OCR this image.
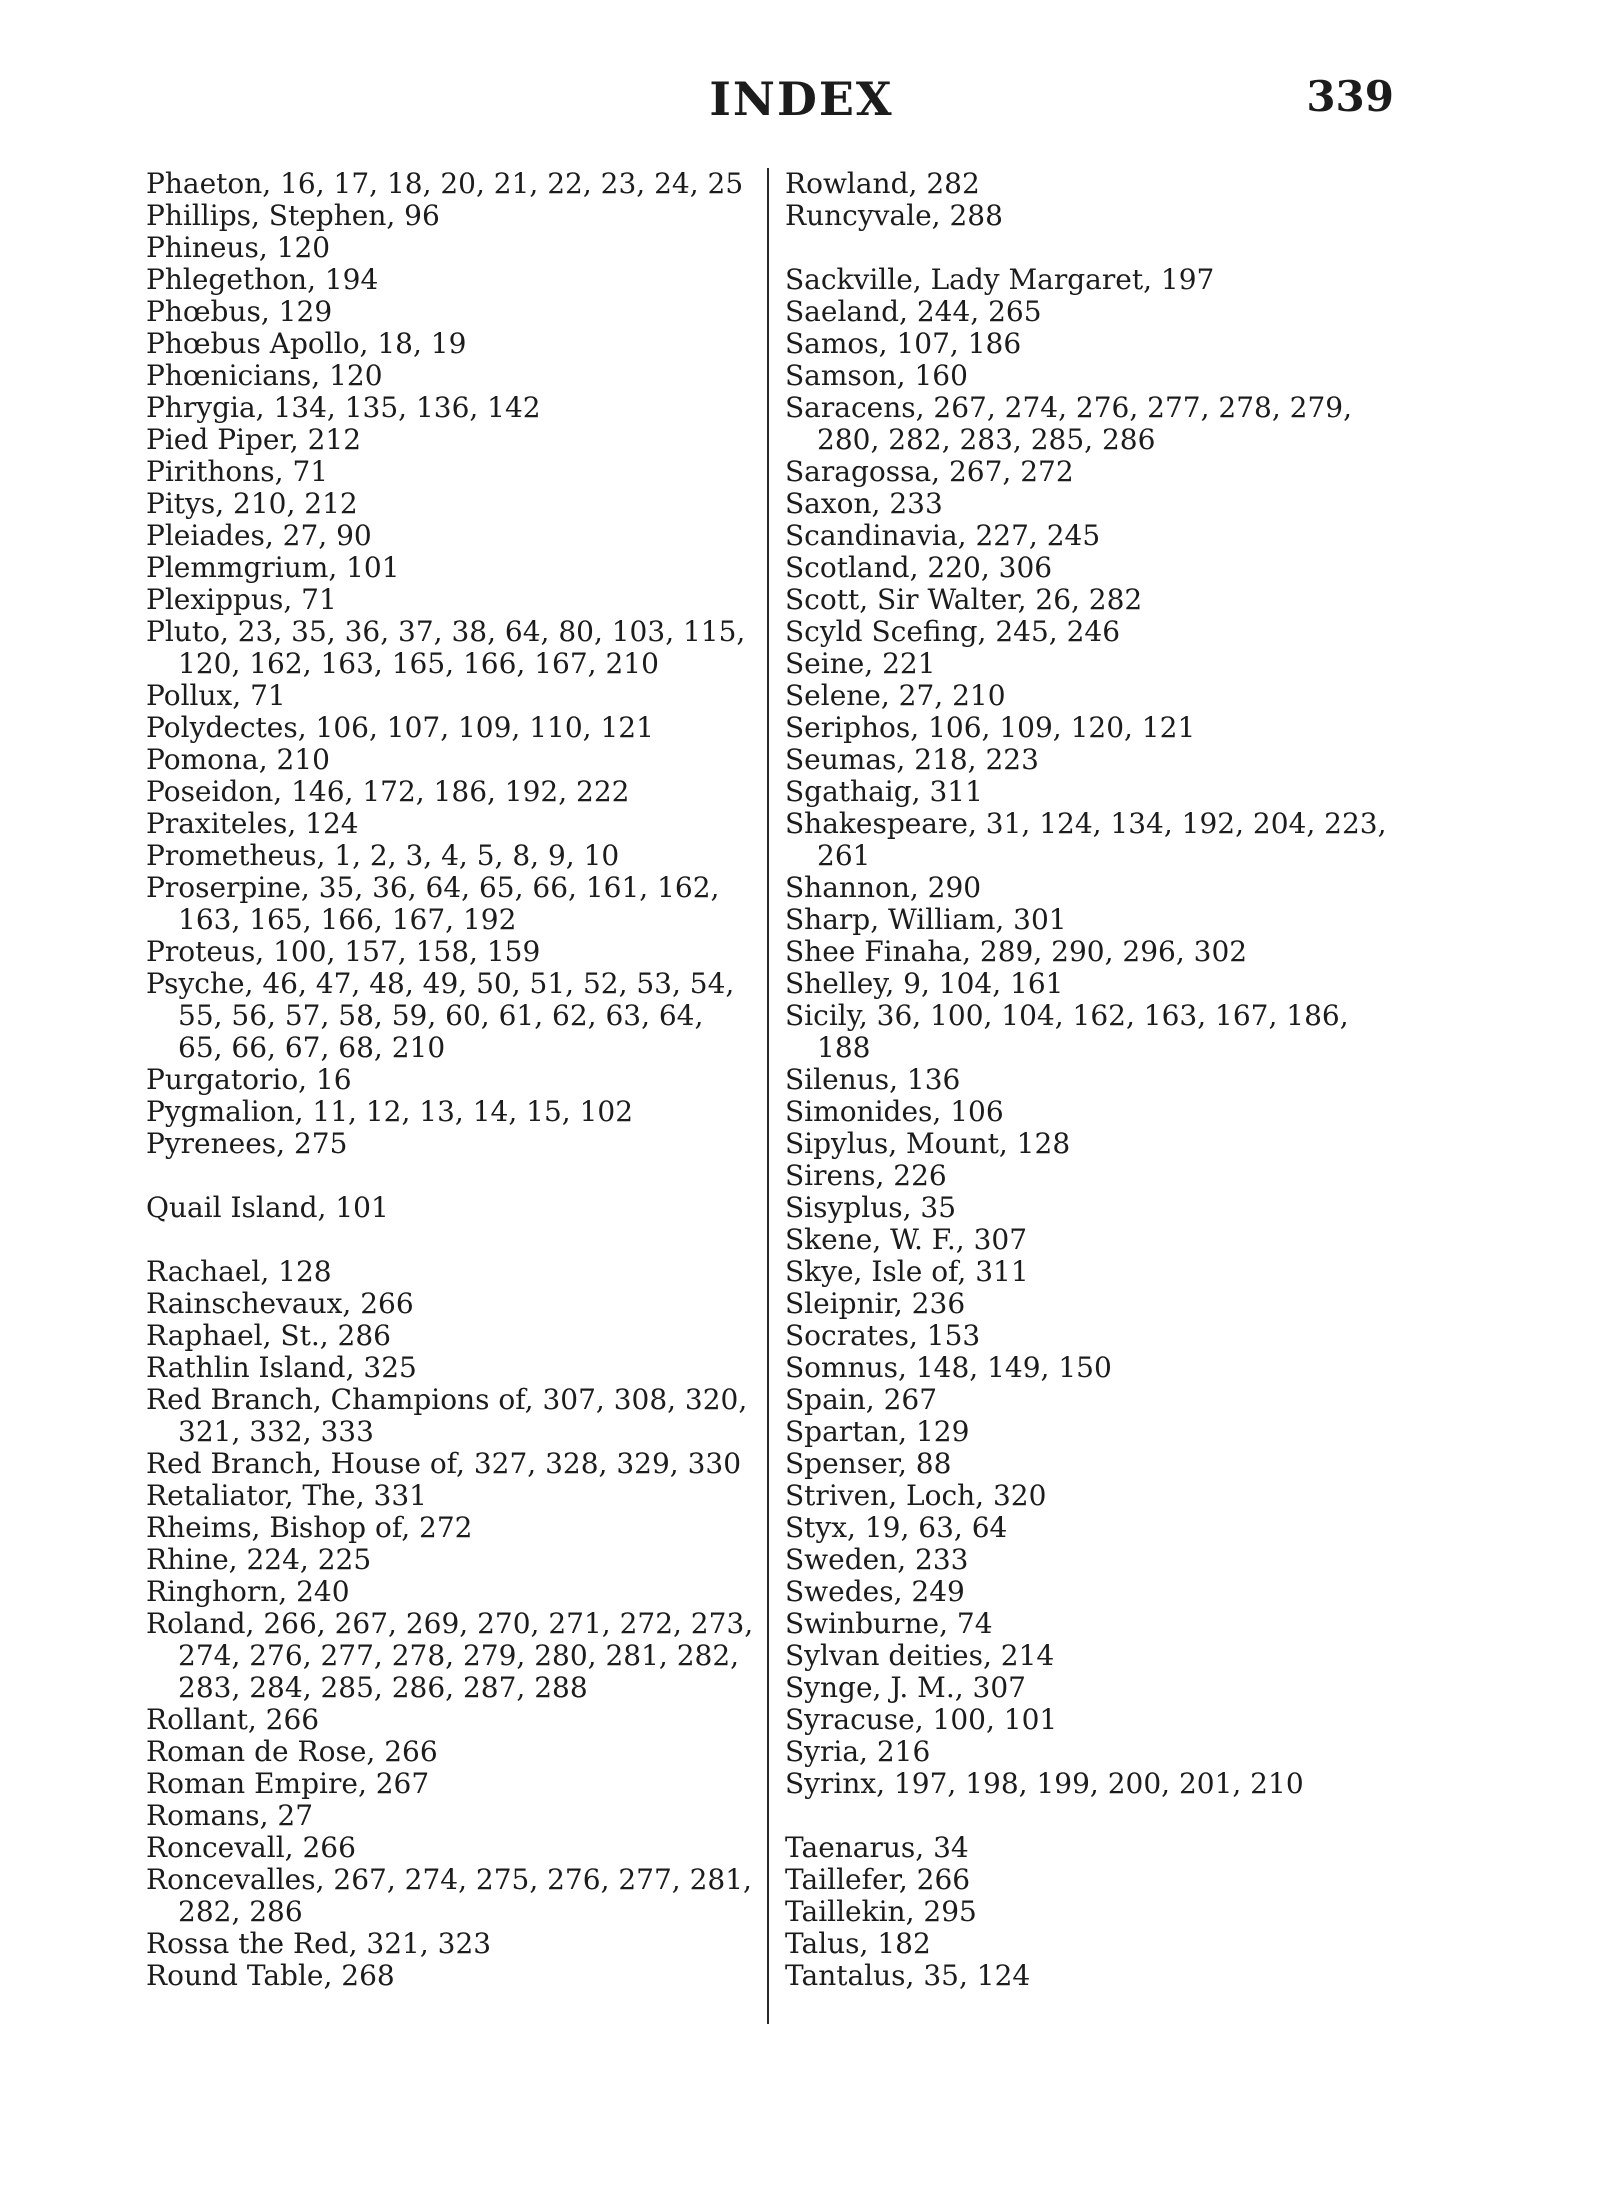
INDEX	339
Phaeton, 16, 17, 18, 20, 21, 22, 23, 24, 25
Phillips, Stephen, 96
Phineus, 120
Phlegethon, 194
Phœbus, 129
Phœbus Apollo, 18, 19
Phœnicians, 120
Phrygia, 134, 135, 136, 142
Pied Piper, 212
Pirithons, 71
Pitys, 210, 212
Pleiades, 27, 90
Plemmgrium, 101
Plexippus, 71
Pluto, 23, 35, 36, 37, 38, 64, 80, 103, 115, 120, 162, 163, 165, 166, 167, 210
Pollux, 71
Polydectes, 106, 107, 109, 110, 121
Pomona, 210
Poseidon, 146, 172, 186, 192, 222
Praxiteles, 124
Prometheus, 1, 2, 3, 4, 5, 8, 9, 10
Proserpine, 35, 36, 64, 65, 66, 161, 162, 163, 165, 166, 167, 192
Proteus, 100, 157, 158, 159
Psyche, 46, 47, 48, 49, 50, 51, 52, 53, 54, 55, 56, 57, 58, 59, 60, 61, 62, 63, 64, 65, 66, 67, 68, 210
Purgatorio, 16
Pygmalion, 11, 12, 13, 14, 15, 102
Pyrenees, 275
Quail Island, 101
Rachael, 128
Rainschevaux, 266
Raphael, St., 286
Rathlin Island, 325
Red Branch, Champions of, 307, 308, 320, 321, 332, 333
Red Branch, House of, 327, 328, 329, 330
Retaliator, The, 331
Rheims, Bishop of, 272
Rhine, 224, 225
Ringhorn, 240
Roland, 266, 267, 269, 270, 271, 272, 273, 274, 276, 277, 278, 279, 280, 281, 282, 283, 284, 285, 286, 287, 288
Rollant, 266
Roman de Rose, 266
Roman Empire, 267
Romans, 27
Roncevall, 266
Roncevalles, 267, 274, 275, 276, 277, 281, 282, 286
Rossa the Red, 321, 323
Round Table, 268
Rowland, 282
Runcyvale, 288
Sackville, Lady Margaret, 197
Saeland, 244, 265
Samos, 107, 186
Samson, 160
Saracens, 267, 274, 276, 277, 278, 279, 280, 282, 283, 285, 286
Saragossa, 267, 272
Saxon, 233
Scandinavia, 227, 245
Scotland, 220, 306
Scott, Sir Walter, 26, 282
Scyld Scefing, 245, 246
Seine, 221
Selene, 27, 210
Seriphos, 106, 109, 120, 121
Seumas, 218, 223
Sgathaig, 311
Shakespeare, 31, 124, 134, 192, 204, 223, 261
Shannon, 290
Sharp, William, 301
Shee Finaha, 289, 290, 296, 302
Shelley, 9, 104, 161
Sicily, 36, 100, 104, 162, 163, 167, 186, 188
Silenus, 136
Simonides, 106
Sipylus, Mount, 128
Sirens, 226
Sisyplus, 35
Skene, W. F., 307
Skye, Isle of, 311
Sleipnir, 236
Socrates, 153
Somnus, 148, 149, 150
Spain, 267
Spartan, 129
Spenser, 88
Striven, Loch, 320
Styx, 19, 63, 64
Sweden, 233
Swedes, 249
Swinburne, 74
Sylvan deities, 214
Synge, J. M., 307
Syracuse, 100, 101
Syria, 216
Syrinx, 197, 198, 199, 200, 201, 210
Taenarus, 34
Taillefer, 266
Taillekin, 295
Talus, 182
Tantalus, 35, 124
